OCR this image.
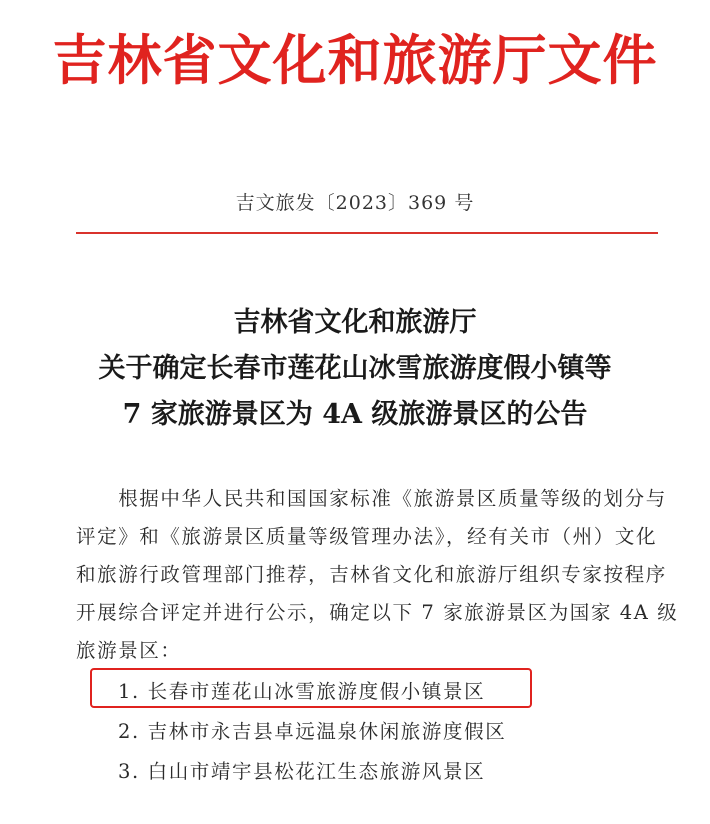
吉林省文化和旅游厅文件
吉文旅发〔2023〕369 号
吉林省文化和旅游厅
关于确定长春市莲花山冰雪旅游度假小镇等
7 家旅游景区为 4A 级旅游景区的公告
　　根据中华人民共和国国家标准《旅游景区质量等级的划分与
评定》和《旅游景区质量等级管理办法》，经有关市（州）文化
和旅游行政管理部门推荐，吉林省文化和旅游厅组织专家按程序
开展综合评定并进行公示，确定以下 7 家旅游景区为国家 4A 级
旅游景区：
1. 长春市莲花山冰雪旅游度假小镇景区
2. 吉林市永吉县卓远温泉休闲旅游度假区
3. 白山市靖宇县松花江生态旅游风景区
